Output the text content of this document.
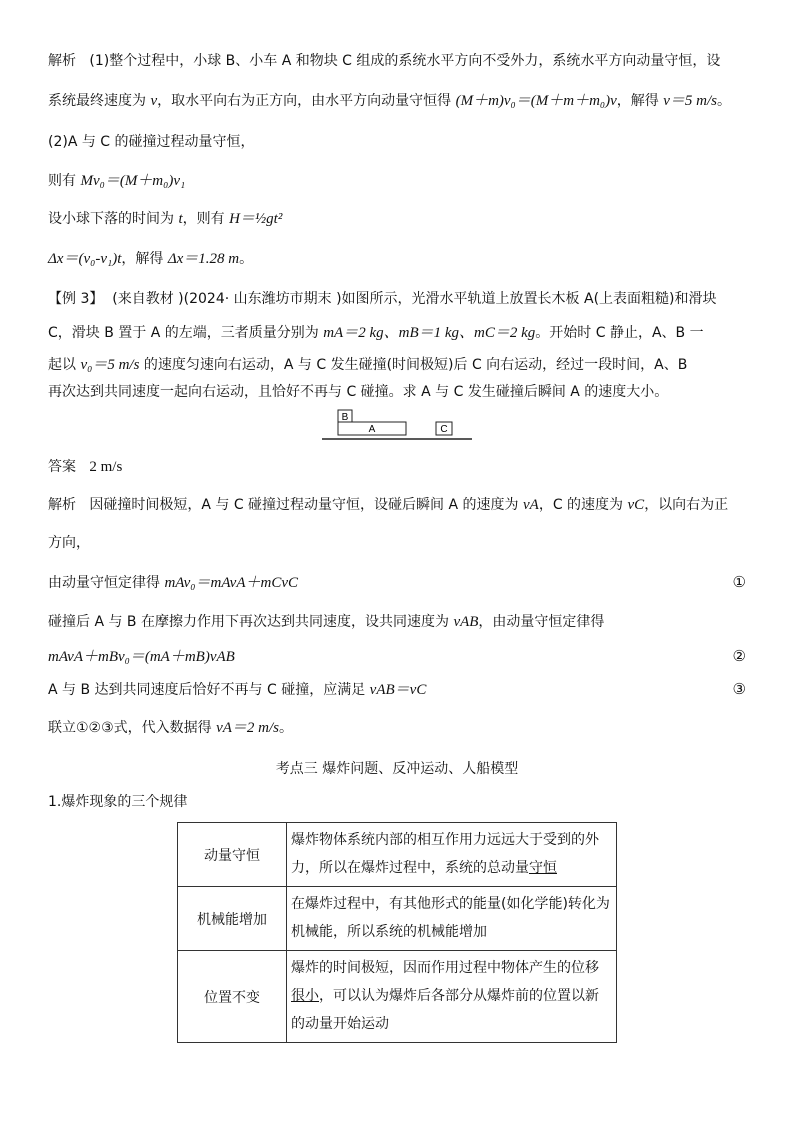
解析 (1)整个过程中，小球 B、小车 A 和物块 C 组成的系统水平方向不受外力，系统水平方向动量守恒，设
系统最终速度为 v，取水平向右为正方向，由水平方向动量守恒得 (M＋m)v₀＝(M＋m＋m₀)v，解得 v＝5 m/s。
(2)A 与 C 的碰撞过程动量守恒，
则有 Mv₀＝(M＋m₀)v₁
设小球下落的时间为 t，则有 H＝½gt²
Δx＝(v₀-v₁)t，解得 Δx＝1.28 m。
【例 3】 (来自教材 )(2024· 山东潍坊市期末 )如图所示，光滑水平轨道上放置长木板 A(上表面粗糙)和滑块
C，滑块 B 置于 A 的左端，三者质量分别为 mA＝2 kg、mB＝1 kg、mC＝2 kg。开始时 C 静止，A、B 一
起以 v₀＝5 m/s 的速度匀速向右运动，A 与 C 发生碰撞(时间极短)后 C 向右运动，经过一段时间，A、B
再次达到共同速度一起向右运动，且恰好不再与 C 碰撞。求 A 与 C 发生碰撞后瞬间 A 的速度大小。
B
A	C
答案 2 m/s
解析 因碰撞时间极短，A 与 C 碰撞过程动量守恒，设碰后瞬间 A 的速度为 vA，C 的速度为 vC，以向右为正
方向，
由动量守恒定律得 mAv₀＝mAvA＋mCvC	①
碰撞后 A 与 B 在摩擦力作用下再次达到共同速度，设共同速度为 vAB，由动量守恒定律得
mAvA＋mBv₀＝(mA＋mB)vAB	②
A 与 B 达到共同速度后恰好不再与 C 碰撞，应满足 vAB＝vC	③
联立①②③式，代入数据得 vA＝2 m/s。
考点三 爆炸问题、反冲运动、人船模型
1.爆炸现象的三个规律
动量守恒	爆炸物体系统内部的相互作用力远远大于受到的外力，所以在爆炸过程中，系统的总动量守恒
机械能增加	在爆炸过程中，有其他形式的能量(如化学能)转化为机械能，所以系统的机械能增加
位置不变	爆炸的时间极短，因而作用过程中物体产生的位移很小，可以认为爆炸后各部分从爆炸前的位置以新的动量开始运动
